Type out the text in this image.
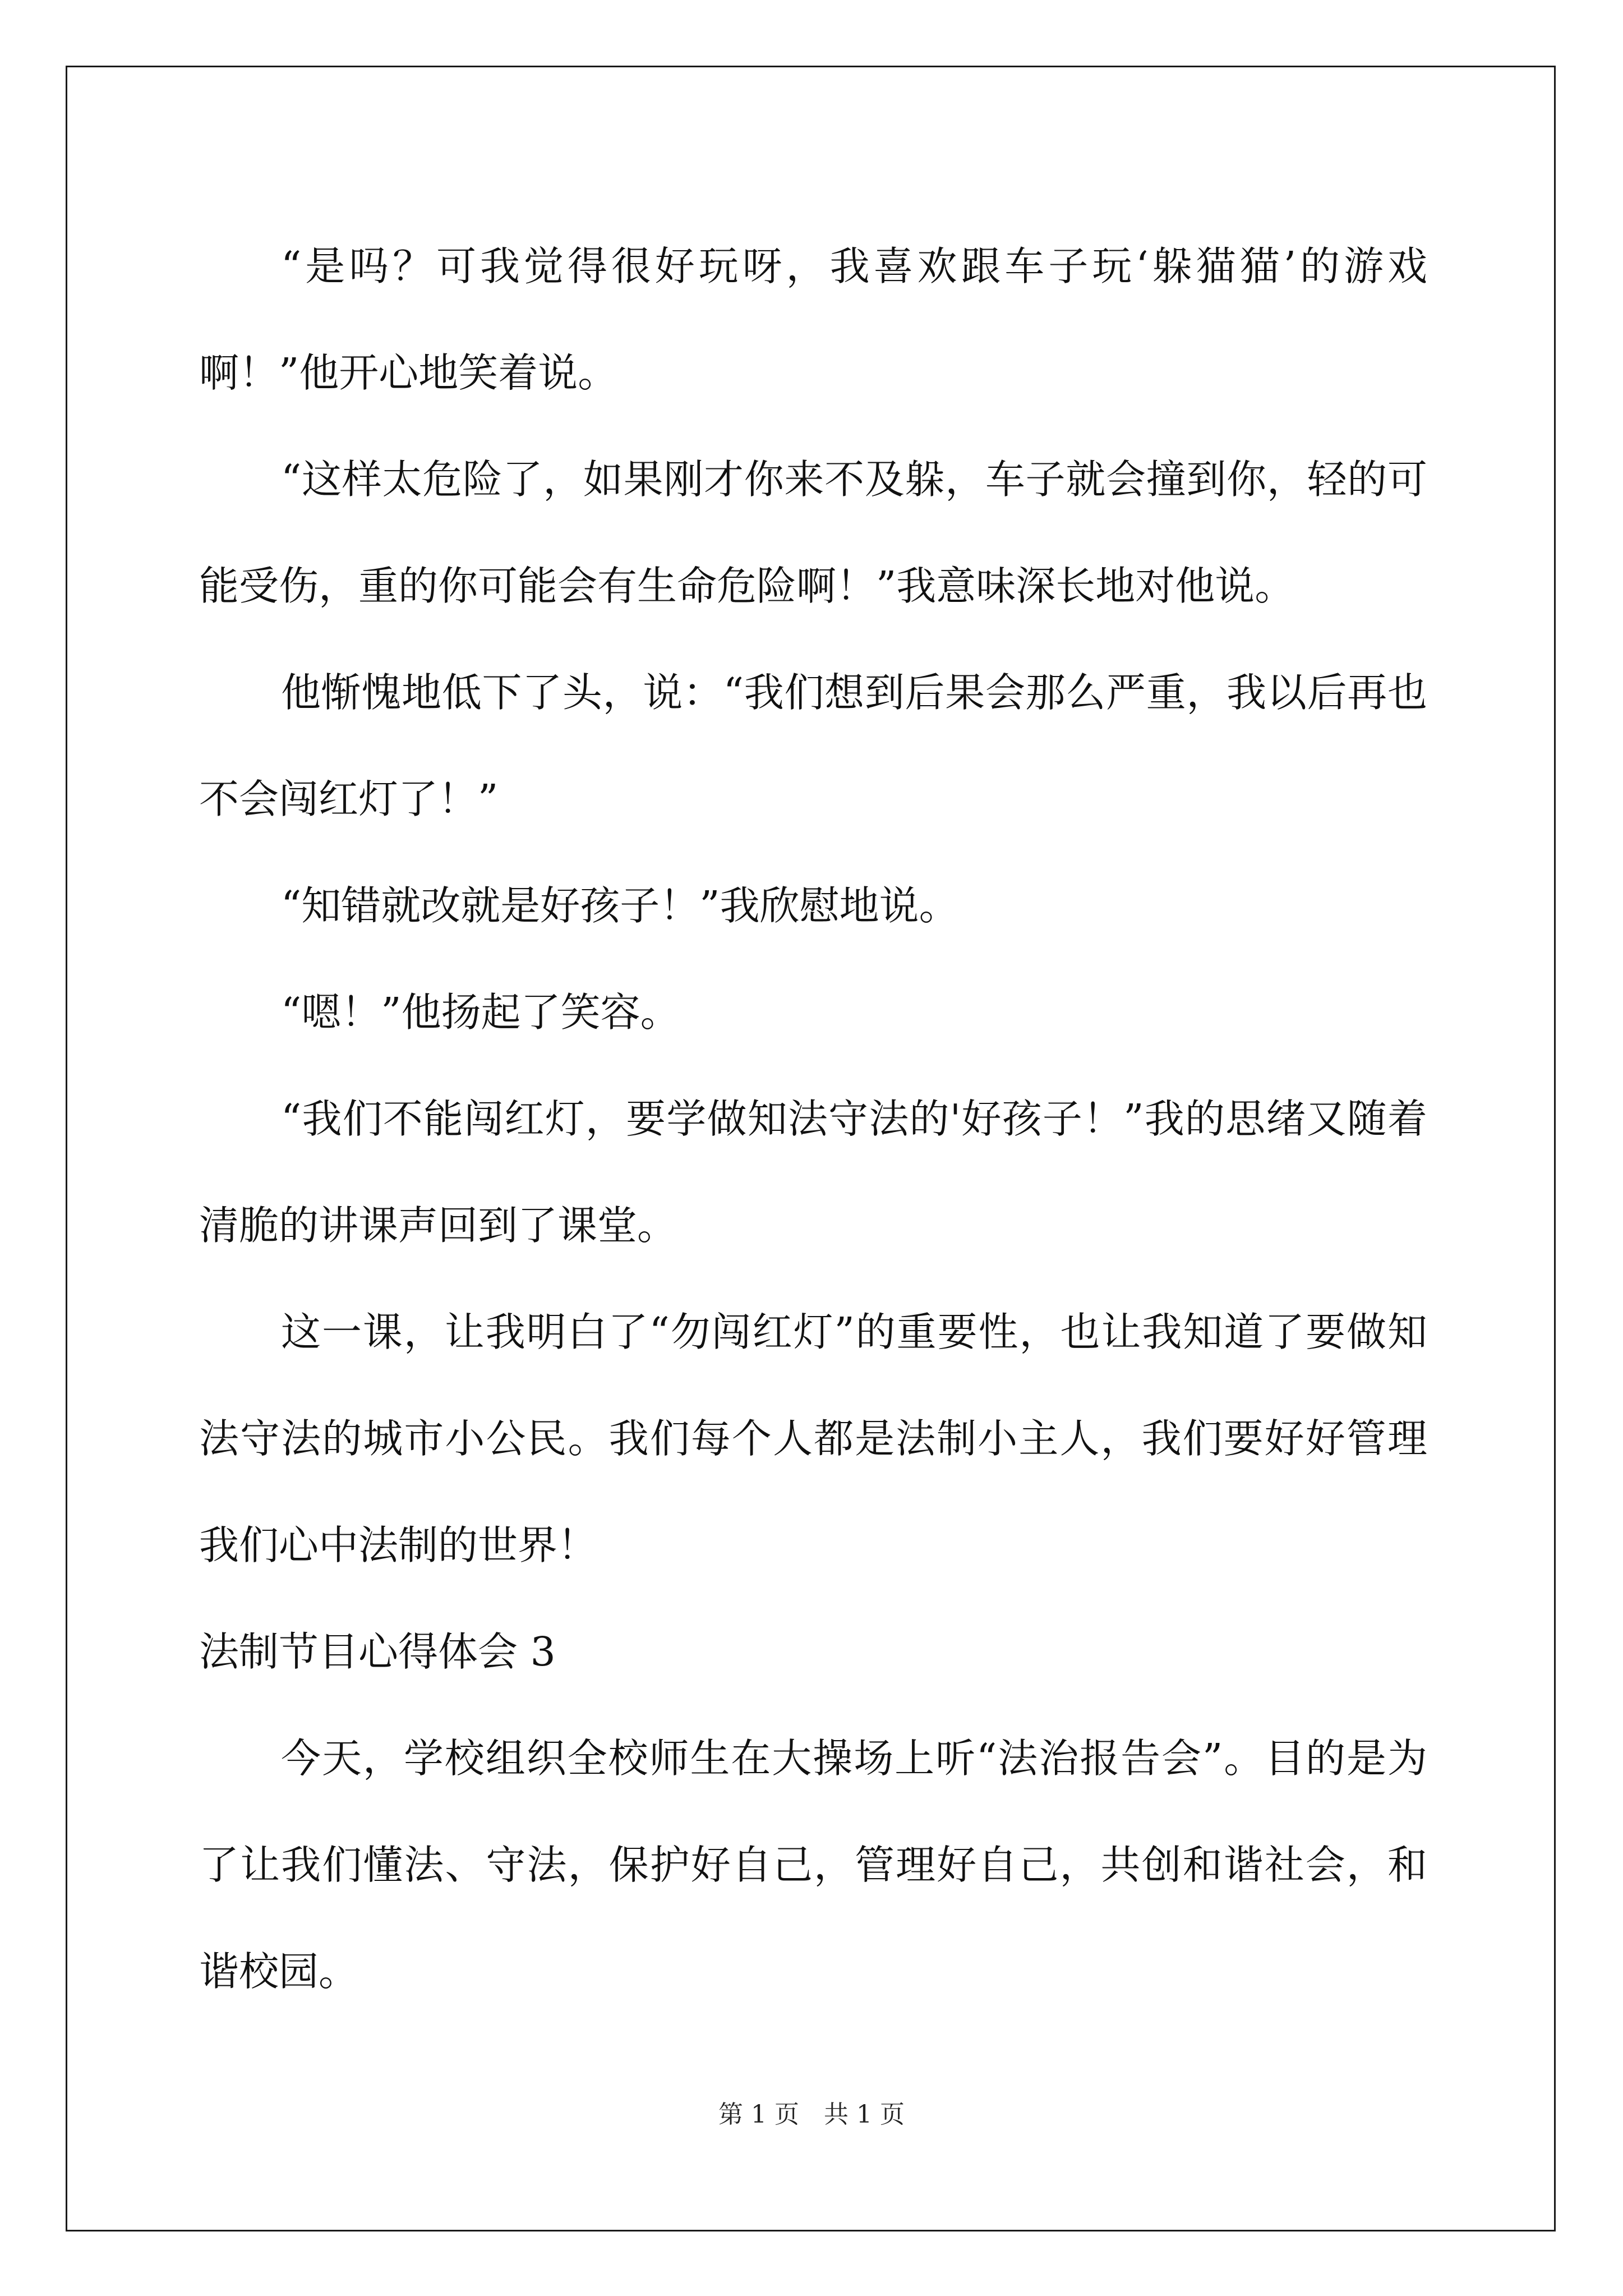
“是吗？可我觉得很好玩呀，我喜欢跟车子玩‘躲猫猫’的游戏啊！”他开心地笑着说。

“这样太危险了，如果刚才你来不及躲，车子就会撞到你，轻的可能受伤，重的你可能会有生命危险啊！”我意味深长地对他说。

他惭愧地低下了头，说：“我们想到后果会那么严重，我以后再也不会闯红灯了！”

“知错就改就是好孩子！”我欣慰地说。

“嗯！”他扬起了笑容。

“我们不能闯红灯，要学做知法守法的'好孩子！”我的思绪又随着清脆的讲课声回到了课堂。

这一课，让我明白了“勿闯红灯”的重要性，也让我知道了要做知法守法的城市小公民。我们每个人都是法制小主人，我们要好好管理我们心中法制的世界！

法制节目心得体会 3

今天，学校组织全校师生在大操场上听“法治报告会”。目的是为了让我们懂法、守法，保护好自己，管理好自己，共创和谐社会，和谐校园。

第 1 页 共 1 页
